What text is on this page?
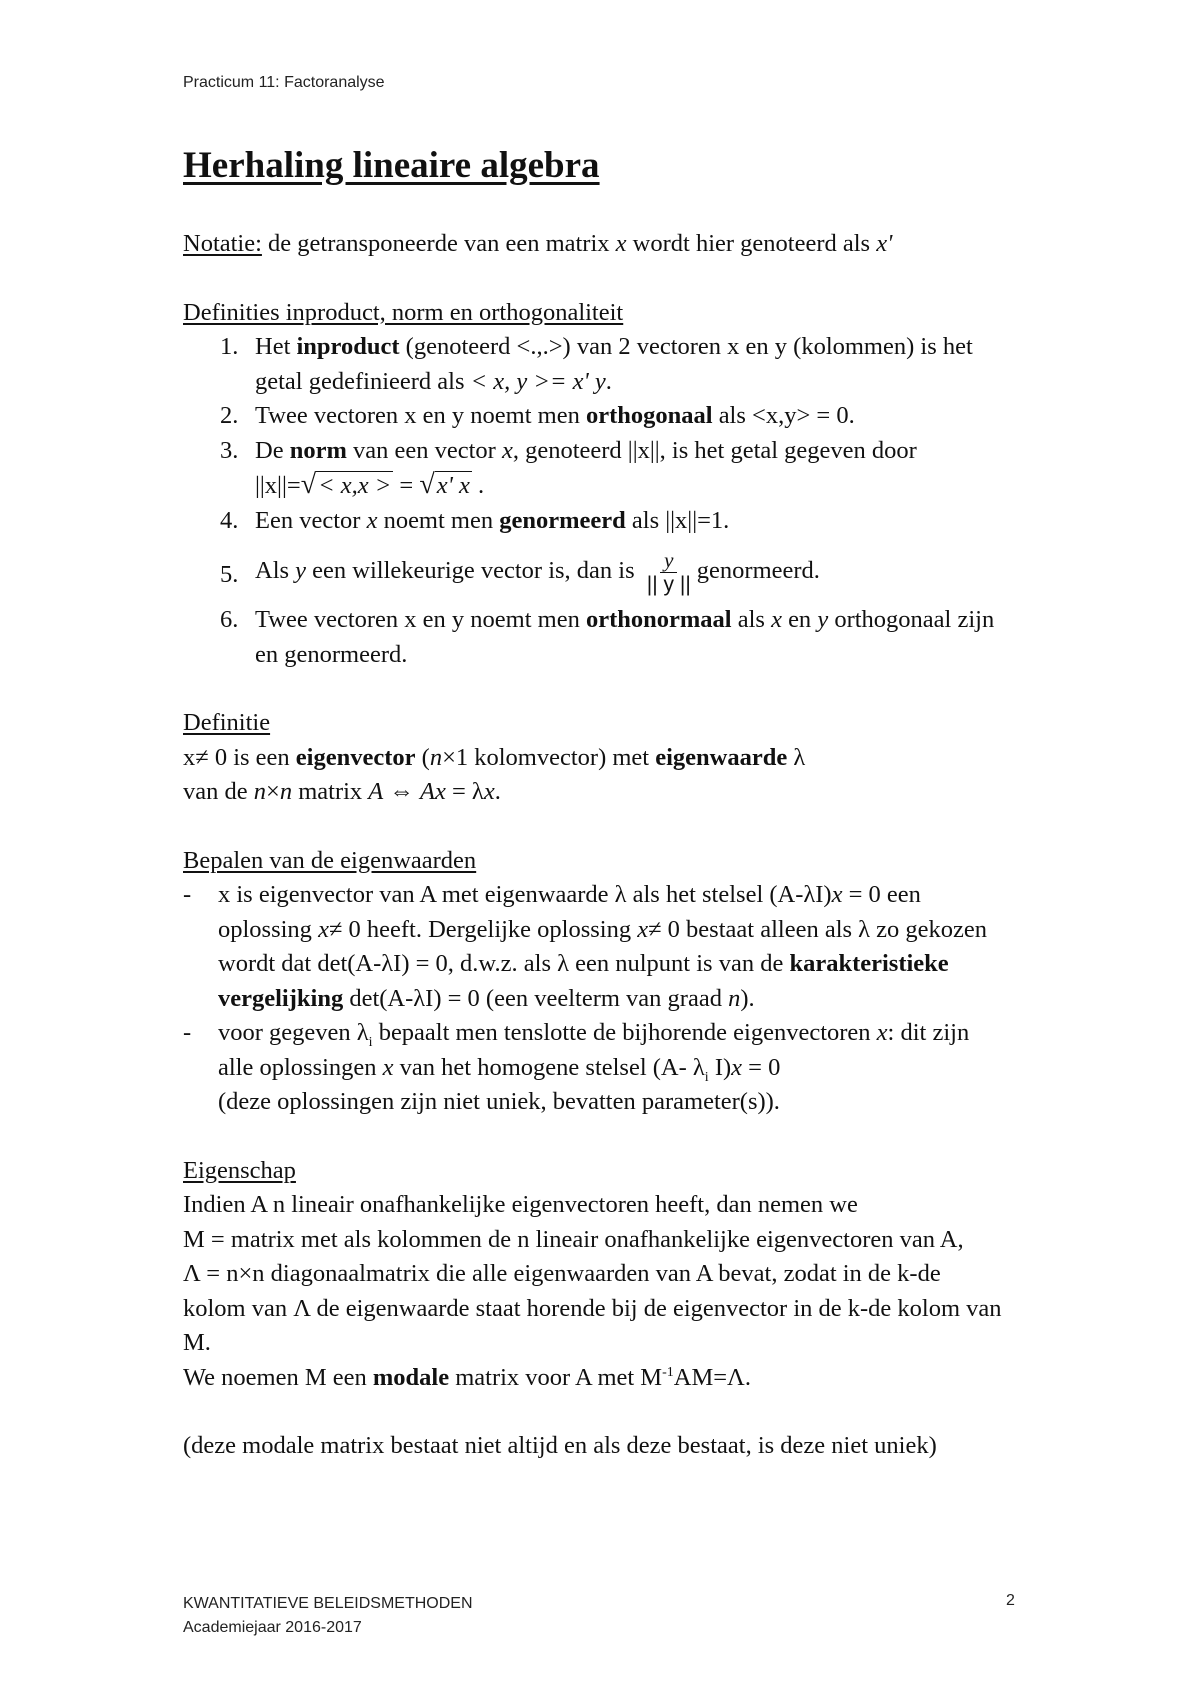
Practicum 11: Factoranalyse
Herhaling lineaire algebra

Notatie: de getransponeerde van een matrix x wordt hier genoteerd als x'

Definities inproduct, norm en orthogonaliteit

1. Het inproduct (genoteerd <.,.>) van 2 vectoren x en y (kolommen) is het
getal gedefinieerd als < x, y >= x' y.
2. Twee vectoren x en y noemt men orthogonaal als <x,y> = 0.
3. De norm van een vector x, genoteerd ||x||, is het getal gegeven door
||x||=√< x,x > = √x' x .
4. Een vector x noemt men genormeerd als ||x||=1.
5. Als y een willekeurige vector is, dan is $\frac{y}{|| y ||}$ genormeerd.
6. Twee vectoren x en y noemt men orthonormaal als x en y orthogonaal zijn
en genormeerd.

Definitie

x≠ 0 is een eigenvector (n×1 kolomvector) met eigenwaarde λ

van de n×n matrix A ⇔ Ax = λx.

Bepalen van de eigenwaarden

- x is eigenvector van A met eigenwaarde λ als het stelsel (A-λI)x = 0 een
oplossing x≠ 0 heeft. Dergelijke oplossing x≠ 0 bestaat alleen als λ zo gekozen
wordt dat det(A-λI) = 0, d.w.z. als λ een nulpunt is van de karakteristieke
vergelijking det(A-λI) = 0 (een veelterm van graad n).
- voor gegeven $\lambda_i$ bepaalt men tenslotte de bijhorende eigenvectoren x: dit zijn
alle oplossingen x van het homogene stelsel (A- $\lambda_i$ I)x = 0
(deze oplossingen zijn niet uniek, bevatten parameter(s)).

Eigenschap

Indien A n lineair onafhankelijke eigenvectoren heeft, dan nemen we

M = matrix met als kolommen de n lineair onafhankelijke eigenvectoren van A,

Λ = n×n diagonaalmatrix die alle eigenwaarden van A bevat, zodat in de k-de

kolom van Λ de eigenwaarde staat horende bij de eigenvector in de k-de kolom van

M.

We noemen M een modale matrix voor A met $M^{-1}AM=\Lambda$.

(deze modale matrix bestaat niet altijd en als deze bestaat, is deze niet uniek)

KWANTITATIEVE BELEIDSMETHODEN
Academiejaar 2016-2017
2
